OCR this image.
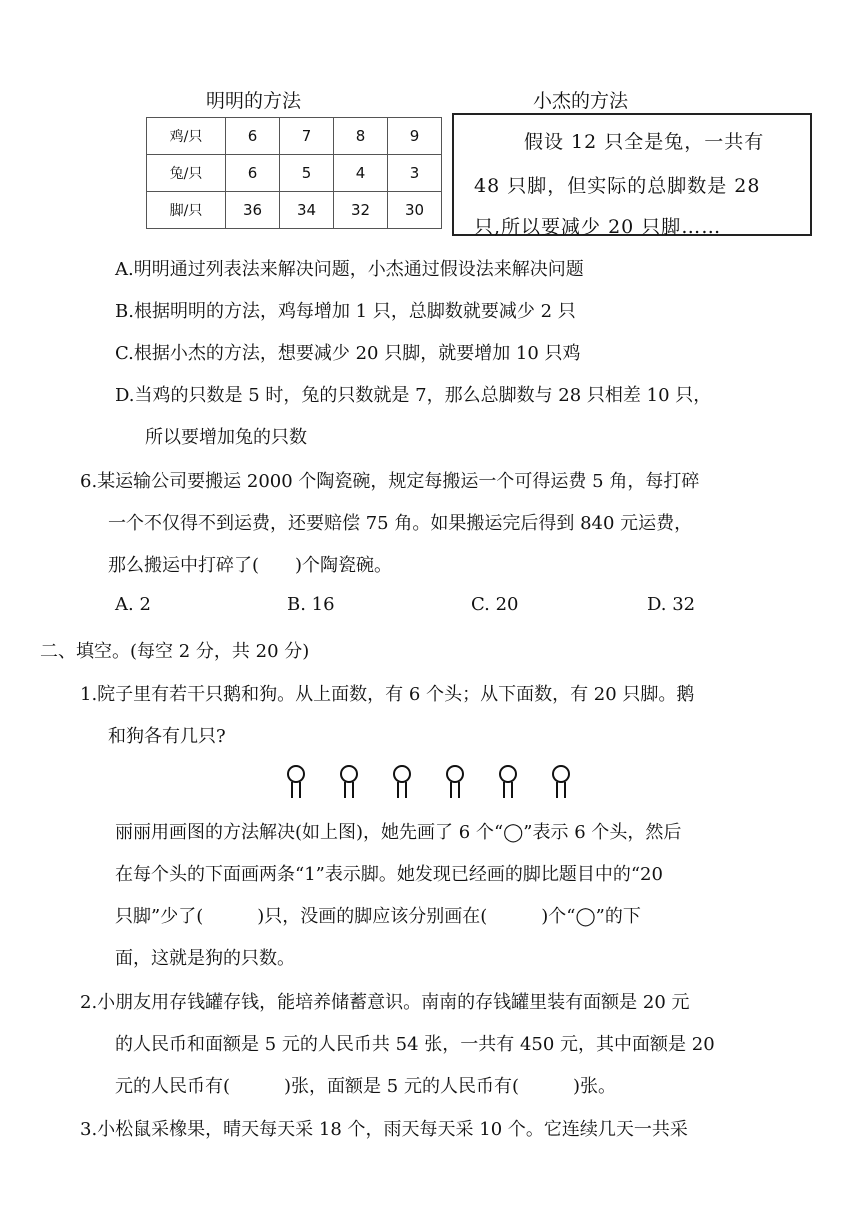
明明的方法
鸡/只	6	7	8	9
兔/只	6	5	4	3
脚/只	36	34	32	30
小杰的方法
假设 12 只全是兔，一共有
48 只脚，但实际的总脚数是 28
只,所以要减少 20 只脚……
A.明明通过列表法来解决问题，小杰通过假设法来解决问题
B.根据明明的方法，鸡每增加 1 只，总脚数就要减少 2 只
C.根据小杰的方法，想要减少 20 只脚，就要增加 10 只鸡
D.当鸡的只数是 5 时，兔的只数就是 7，那么总脚数与 28 只相差 10 只，
所以要增加兔的只数
6.某运输公司要搬运 2000 个陶瓷碗，规定每搬运一个可得运费 5 角，每打碎
一个不仅得不到运费，还要赔偿 75 角。如果搬运完后得到 840 元运费，
那么搬运中打碎了(　　)个陶瓷碗。
A. 2	B. 16	C. 20	D. 32
二、填空。(每空 2 分，共 20 分)
1.院子里有若干只鹅和狗。从上面数，有 6 个头；从下面数，有 20 只脚。鹅
和狗各有几只?
丽丽用画图的方法解决(如上图)，她先画了 6 个“◯”表示 6 个头，然后
在每个头的下面画两条“1”表示脚。她发现已经画的脚比题目中的“20
只脚”少了(　　　)只，没画的脚应该分别画在(　　　)个“◯”的下
面，这就是狗的只数。
2.小朋友用存钱罐存钱，能培养储蓄意识。南南的存钱罐里装有面额是 20 元
的人民币和面额是 5 元的人民币共 54 张，一共有 450 元，其中面额是 20
元的人民币有(　　　)张，面额是 5 元的人民币有(　　　)张。
3.小松鼠采橡果，晴天每天采 18 个，雨天每天采 10 个。它连续几天一共采
